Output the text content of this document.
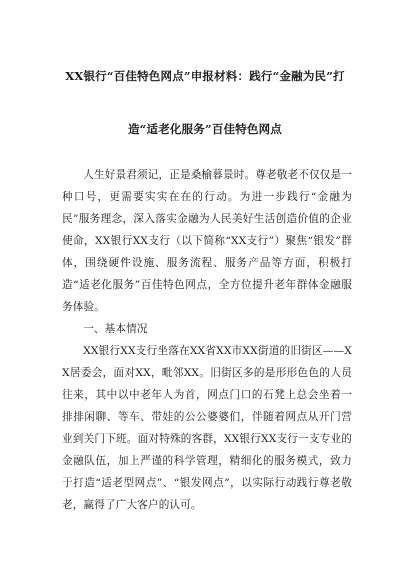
XX银行“百佳特色网点”申报材料：践行“金融为民”打
造“适老化服务”百佳特色网点

人生好景君须记，正是桑榆暮景时。尊老敬老不仅仅是一种口号，更需要实实在在的行动。为进一步践行“金融为民”服务理念，深入落实金融为人民美好生活创造价值的企业使命，XX银行XX支行（以下简称“XX支行”）聚焦“银发”群体，围绕硬件设施、服务流程、服务产品等方面，积极打造“适老化服务”百佳特色网点，全方位提升老年群体金融服务体验。

一、基本情况

XX银行XX支行坐落在XX省XX市XX街道的旧街区——XX居委会，面对XX，毗邻XX。旧街区多的是形形色色的人员往来，其中以中老年人为首，网点门口的石凳上总会坐着一排排闲聊、等车、带娃的公公婆婆们，伴随着网点从开门营业到关门下班。面对特殊的客群，XX银行XX支行一支专业的金融队伍，加上严谨的科学管理，精细化的服务模式，致力于打造“适老型网点”、“银发网点”，以实际行动践行尊老敬老，赢得了广大客户的认可。
